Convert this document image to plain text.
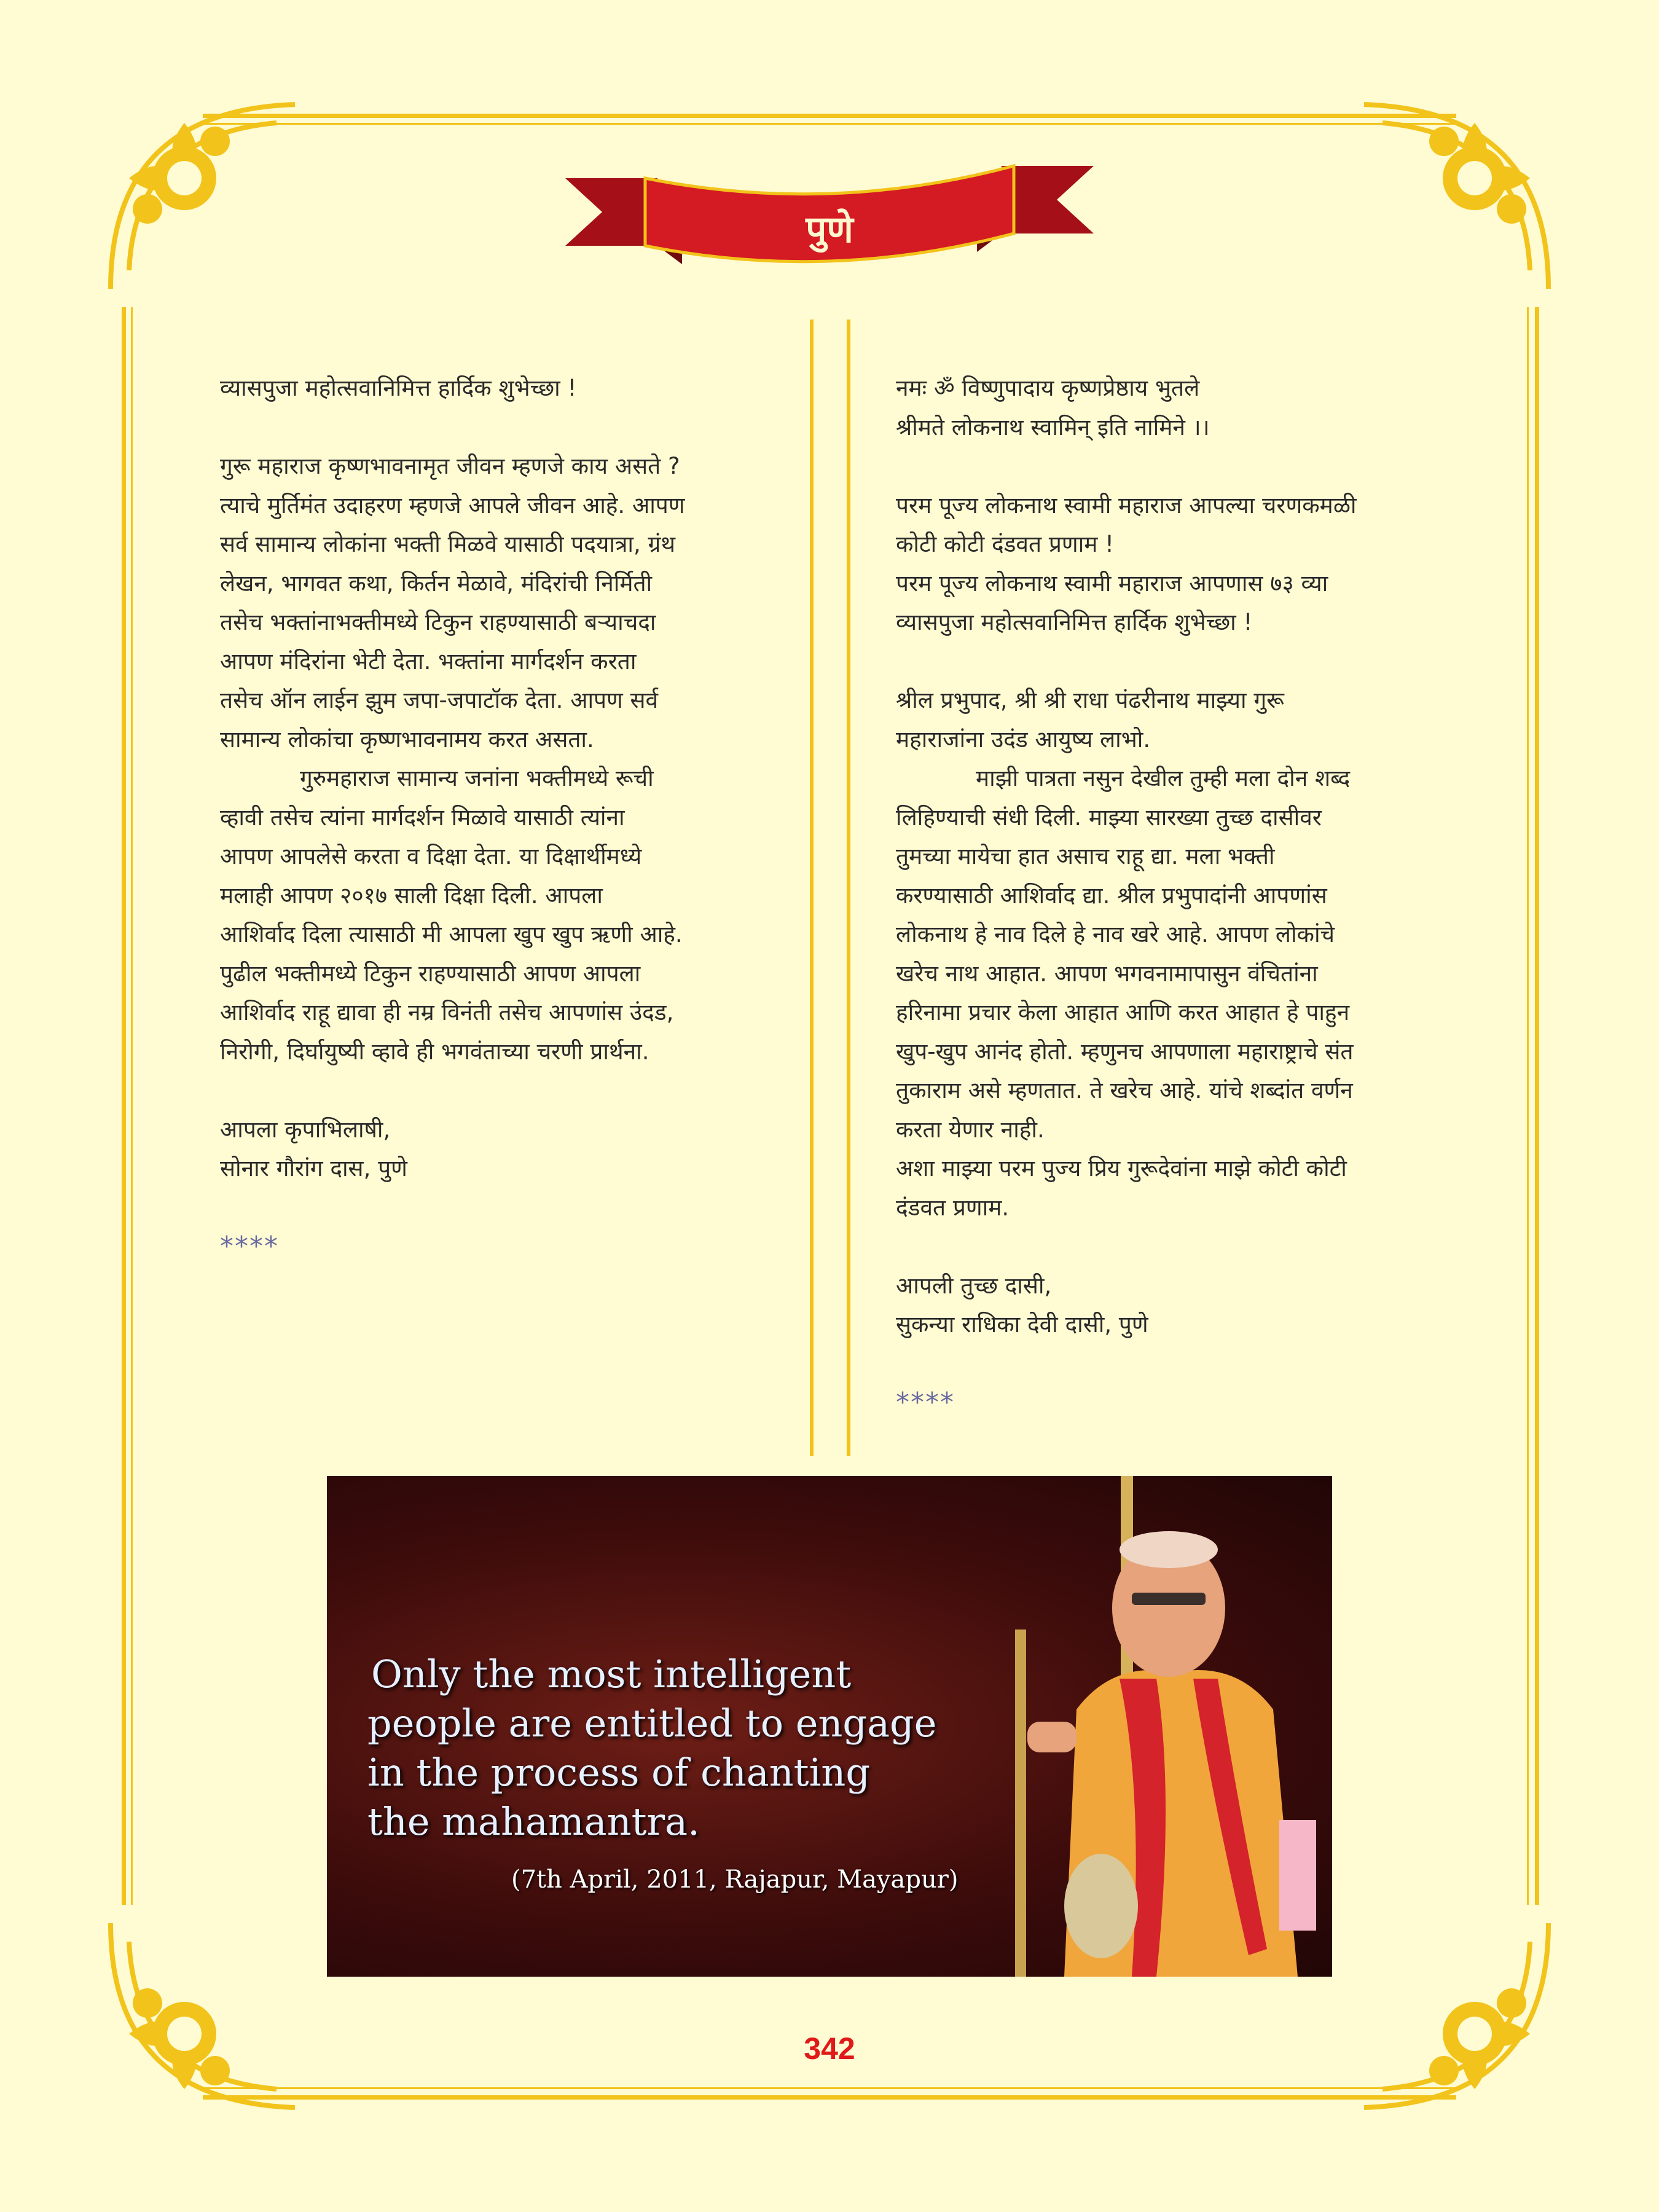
पुणे

व्यासपुजा महोत्सवानिमित्त हार्दिक शुभेच्छा !

गुरू महाराज कृष्णभावनामृत जीवन म्हणजे काय असते ?

त्याचे मुर्तिमंत उदाहरण म्हणजे आपले जीवन आहे. आपण

सर्व सामान्य लोकांना भक्ती मिळवे यासाठी पदयात्रा, ग्रंथ

लेखन, भागवत कथा, किर्तन मेळावे, मंदिरांची निर्मिती

तसेच भक्तांनाभक्तीमध्ये टिकुन राहण्यासाठी बऱ्याचदा

आपण मंदिरांना भेटी देता. भक्तांना मार्गदर्शन करता

तसेच ऑन लाईन झुम जपा-जपाटॉक देता. आपण सर्व

सामान्य लोकांचा कृष्णभावनामय करत असता.

गुरुमहाराज सामान्य जनांना भक्तीमध्ये रूची

व्हावी तसेच त्यांना मार्गदर्शन मिळावे यासाठी त्यांना

आपण आपलेसे करता व दिक्षा देता. या दिक्षार्थीमध्ये

मलाही आपण २०१७ साली दिक्षा दिली. आपला

आशिर्वाद दिला त्यासाठी मी आपला खुप खुप ऋणी आहे.

पुढील भक्तीमध्ये टिकुन राहण्यासाठी आपण आपला

आशिर्वाद राहू द्यावा ही नम्र विनंती तसेच आपणांस उंदड,

निरोगी, दिर्घायुष्यी व्हावे ही भगवंताच्या चरणी प्रार्थना.

आपला कृपाभिलाषी,

सोनार गौरांग दास, पुणे

****

नमः ॐ विष्णुपादाय कृष्णप्रेष्ठाय भुतले

श्रीमते लोकनाथ स्वामिन् इति नामिने ।।

परम पूज्य लोकनाथ स्वामी महाराज आपल्या चरणकमळी

कोटी कोटी दंडवत प्रणाम !

परम पूज्य लोकनाथ स्वामी महाराज आपणास ७३ व्या

व्यासपुजा महोत्सवानिमित्त हार्दिक शुभेच्छा !

श्रील प्रभुपाद, श्री श्री राधा पंढरीनाथ माझ्या गुरू

महाराजांना उदंड आयुष्य लाभो.

माझी पात्रता नसुन देखील तुम्ही मला दोन शब्द

लिहिण्याची संधी दिली. माझ्या सारख्या तुच्छ दासीवर

तुमच्या मायेचा हात असाच राहू द्या. मला भक्ती

करण्यासाठी आशिर्वाद द्या. श्रील प्रभुपादांनी आपणांस

लोकनाथ हे नाव दिले हे नाव खरे आहे. आपण लोकांचे

खरेच नाथ आहात. आपण भगवनामापासुन वंचितांना

हरिनामा प्रचार केला आहात आणि करत आहात हे पाहुन

खुप-खुप आनंद होतो. म्हणुनच आपणाला महाराष्ट्राचे संत

तुकाराम असे म्हणतात. ते खरेच आहे. यांचे शब्दांत वर्णन

करता येणार नाही.

अशा माझ्या परम पुज्य प्रिय गुरूदेवांना माझे कोटी कोटी

दंडवत प्रणाम.

आपली तुच्छ दासी,

सुकन्या राधिका देवी दासी, पुणे

****

Only the most intelligent
people are entitled to engage
in the process of chanting
the mahamantra.
(7th April, 2011, Rajapur, Mayapur)
342
